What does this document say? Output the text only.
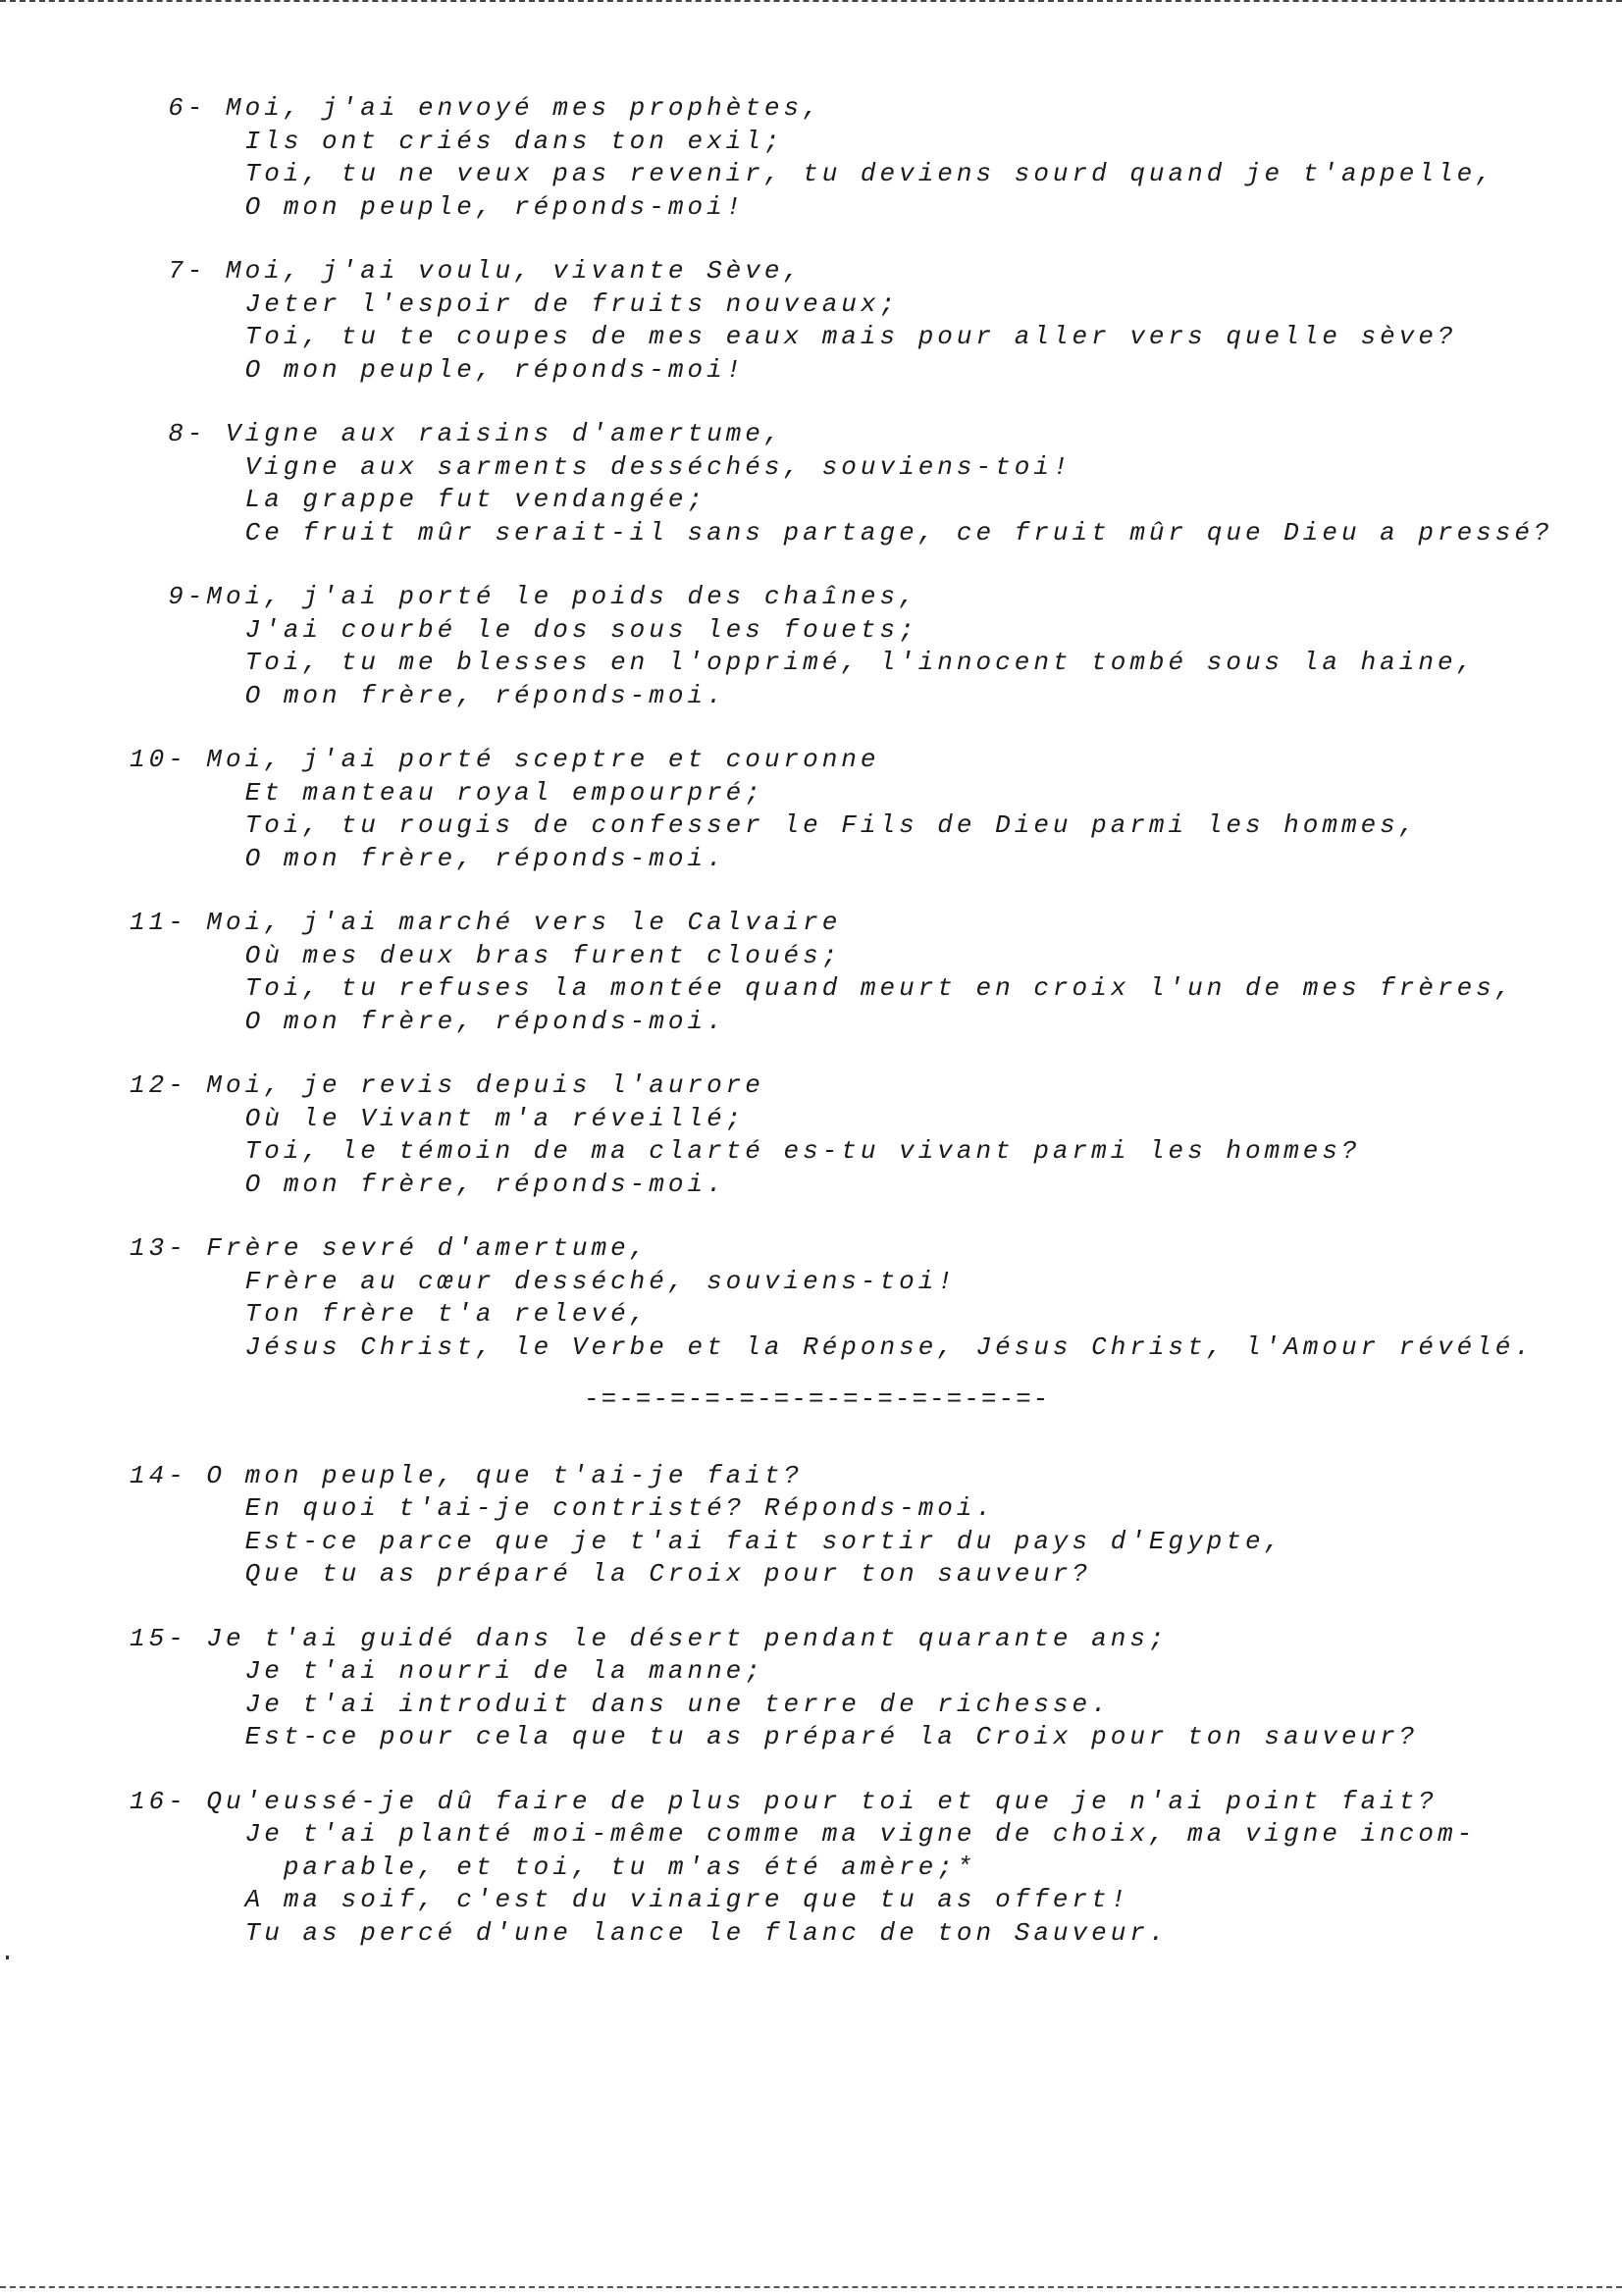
6- Moi, j'ai envoyé mes prophètes,
Ils ont criés dans ton exil;
Toi, tu ne veux pas revenir, tu deviens sourd quand je t'appelle,
O mon peuple, réponds-moi!
7- Moi, j'ai voulu, vivante Sève,
Jeter l'espoir de fruits nouveaux;
Toi, tu te coupes de mes eaux mais pour aller vers quelle sève?
O mon peuple, réponds-moi!
8- Vigne aux raisins d'amertume,
Vigne aux sarments desséchés, souviens-toi!
La grappe fut vendangée;
Ce fruit mûr serait-il sans partage, ce fruit mûr que Dieu a pressé?
9-Moi, j'ai porté le poids des chaînes,
J'ai courbé le dos sous les fouets;
Toi, tu me blesses en l'opprimé, l'innocent tombé sous la haine,
O mon frère, réponds-moi.
10- Moi, j'ai porté sceptre et couronne
Et manteau royal empourpré;
Toi, tu rougis de confesser le Fils de Dieu parmi les hommes,
O mon frère, réponds-moi.
11- Moi, j'ai marché vers le Calvaire
Où mes deux bras furent cloués;
Toi, tu refuses la montée quand meurt en croix l'un de mes frères,
O mon frère, réponds-moi.
12- Moi, je revis depuis l'aurore
Où le Vivant m'a réveillé;
Toi, le témoin de ma clarté es-tu vivant parmi les hommes?
O mon frère, réponds-moi.
13- Frère sevré d'amertume,
Frère au cœur desséché, souviens-toi!
Ton frère t'a relevé,
Jésus Christ, le Verbe et la Réponse, Jésus Christ, l'Amour révélé.
-=-=-=-=-=-=-=-=-=-=-=-=-=-
14- O mon peuple, que t'ai-je fait?
En quoi t'ai-je contristé? Réponds-moi.
Est-ce parce que je t'ai fait sortir du pays d'Egypte,
Que tu as préparé la Croix pour ton sauveur?
15- Je t'ai guidé dans le désert pendant quarante ans;
Je t'ai nourri de la manne;
Je t'ai introduit dans une terre de richesse.
Est-ce pour cela que tu as préparé la Croix pour ton sauveur?
16- Qu'eussé-je dû faire de plus pour toi et que je n'ai point fait?
Je t'ai planté moi-même comme ma vigne de choix, ma vigne incom-
parable, et toi, tu m'as été amère;*
A ma soif, c'est du vinaigre que tu as offert!
Tu as percé d'une lance le flanc de ton Sauveur.
